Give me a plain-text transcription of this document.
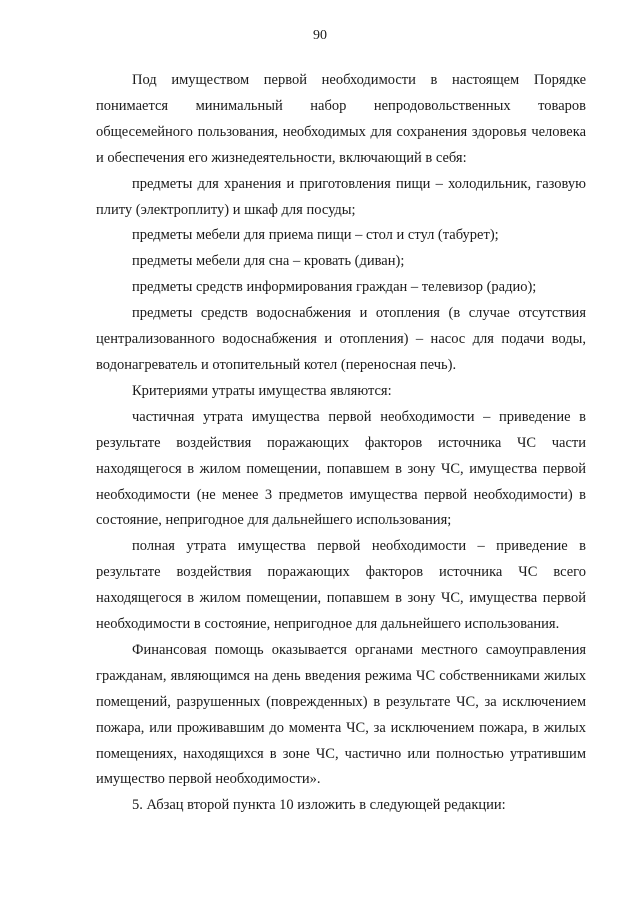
90

Под имуществом первой необходимости в настоящем Порядке понимается минимальный набор непродовольственных товаров общесемейного пользования, необходимых для сохранения здоровья человека и обеспечения его жизнедеятельности, включающий в себя:

предметы для хранения и приготовления пищи – холодильник, газовую плиту (электроплиту) и шкаф для посуды;

предметы мебели для приема пищи – стол и стул (табурет);

предметы мебели для сна – кровать (диван);

предметы средств информирования граждан – телевизор (радио);

предметы средств водоснабжения и отопления (в случае отсутствия централизованного водоснабжения и отопления) – насос для подачи воды, водонагреватель и отопительный котел (переносная печь).

Критериями утраты имущества являются:

частичная утрата имущества первой необходимости – приведение в результате воздействия поражающих факторов источника ЧС части находящегося в жилом помещении, попавшем в зону ЧС, имущества первой необходимости (не менее 3 предметов имущества первой необходимости) в состояние, непригодное для дальнейшего использования;

полная утрата имущества первой необходимости – приведение в результате воздействия поражающих факторов источника ЧС всего находящегося в жилом помещении, попавшем в зону ЧС, имущества первой необходимости в состояние, непригодное для дальнейшего использования.

Финансовая помощь оказывается органами местного самоуправления гражданам, являющимся на день введения режима ЧС собственниками жилых помещений, разрушенных (поврежденных) в результате ЧС, за исключением пожара, или проживавшим до момента ЧС, за исключением пожара, в жилых помещениях, находящихся в зоне ЧС, частично или полностью утратившим имущество первой необходимости».

5. Абзац второй пункта 10 изложить в следующей редакции:
